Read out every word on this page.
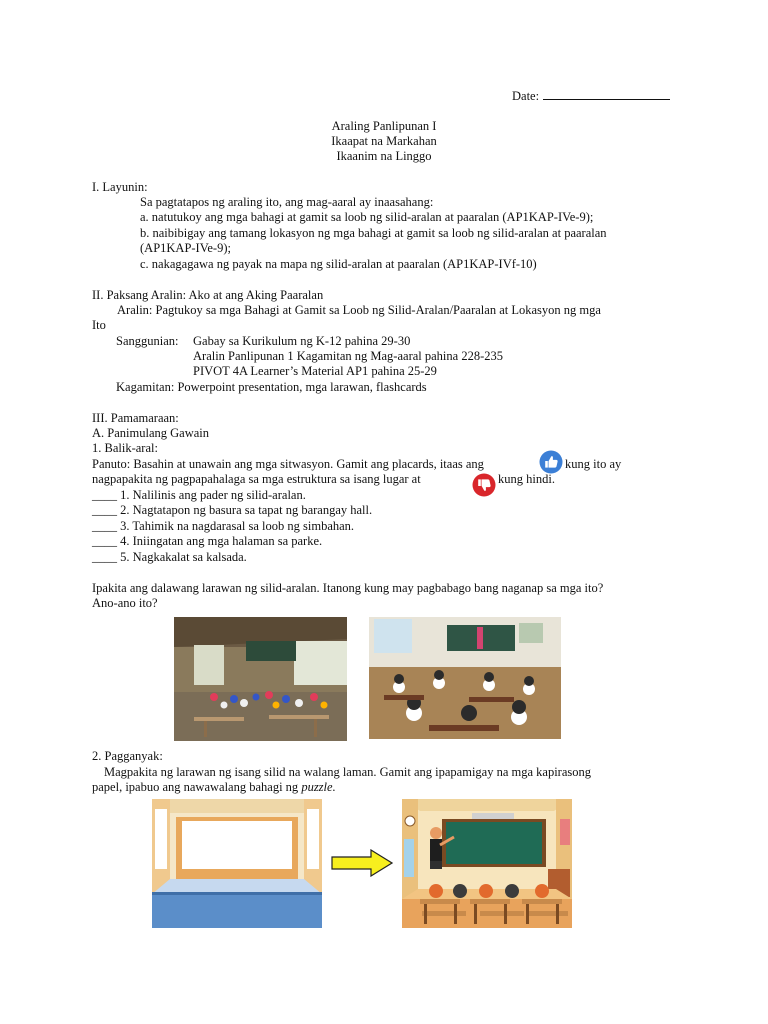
Date:
Araling Panlipunan I
Ikaapat na Markahan
Ikaanim na Linggo
I. Layunin:
Sa pagtatapos ng araling ito, ang mag-aaral ay inaasahang:
a. natutukoy ang mga bahagi at gamit sa loob ng silid-aralan at paaralan (AP1KAP-IVe-9);
b. naibibigay ang tamang lokasyon ng mga bahagi at gamit sa loob ng silid-aralan at paaralan
(AP1KAP-IVe-9);
c. nakagagawa ng payak na mapa ng silid-aralan at paaralan (AP1KAP-IVf-10)
II. Paksang Aralin: Ako at ang Aking Paaralan
Aralin: Pagtukoy sa mga Bahagi at Gamit sa Loob ng Silid-Aralan/Paaralan at Lokasyon ng mga
Ito
Sanggunian: Gabay sa Kurikulum ng K-12 pahina 29-30
Aralin Panlipunan 1 Kagamitan ng Mag-aaral pahina 228-235
PIVOT 4A Learner’s Material AP1 pahina 25-29
Kagamitan: Powerpoint presentation, mga larawan, flashcards
III. Pamamaraan:
A. Panimulang Gawain
1. Balik-aral:
Panuto: Basahin at unawain ang mga sitwasyon. Gamit ang placards, itaas ang	kung ito ay
nagpapakita ng pagpapahalaga sa mga estruktura sa isang lugar at	kung hindi.
____ 1. Nalilinis ang pader ng silid-aralan.
____ 2. Nagtatapon ng basura sa tapat ng barangay hall.
____ 3. Tahimik na nagdarasal sa loob ng simbahan.
____ 4. Iniingatan ang mga halaman sa parke.
____ 5. Nagkakalat sa kalsada.
Ipakita ang dalawang larawan ng silid-aralan. Itanong kung may pagbabago bang naganap sa mga ito?
Ano-ano ito?
2. Pagganyak:
Magpakita ng larawan ng isang silid na walang laman. Gamit ang ipapamigay na mga kapirasong
papel, ipabuo ang nawawalang bahagi ng puzzle.
